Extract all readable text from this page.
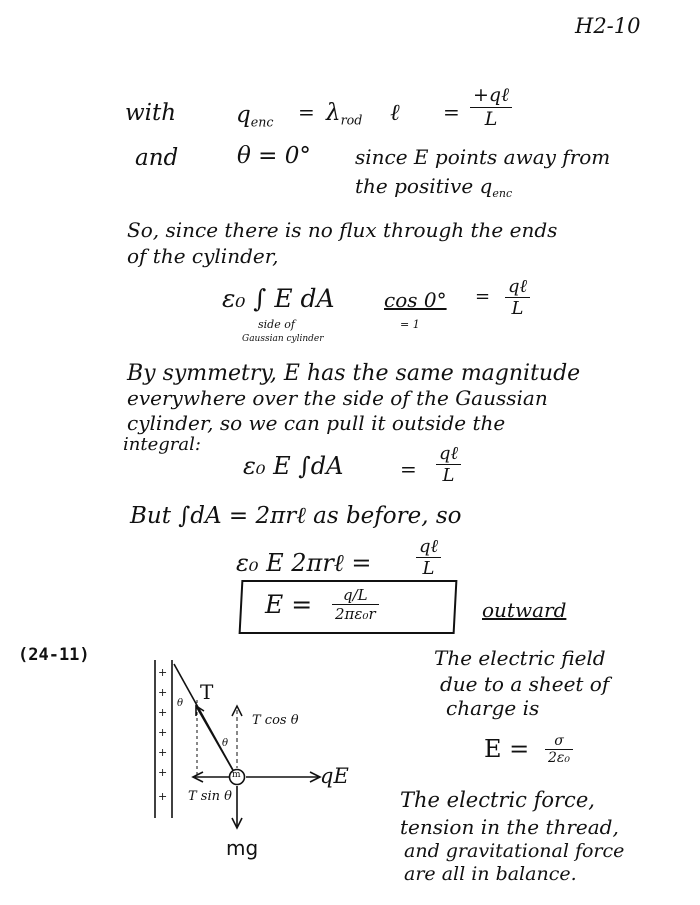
H2-10
with	$q_{enc} = \lambda_{rod}$ ℓ =
+qℓ
L
and	θ = 0° since E points away from
the positive $q_{enc}$
So, since there is no flux through the ends
of the cylinder,
ε₀ ∫ E dA cos 0°
= 1
= qℓ
L
side of
Gaussian cylinder
By symmetry, E has the same magnitude
everywhere over the side of the Gaussian
cylinder, so we can pull it outside the
integral:
ε₀ E ∫dA	=
qℓ
L
But ∫dA = 2πrℓ as before, so
ε₀ E 2πrℓ =
qℓ
L
$E = \frac{q/L}{\text{2πε₀r}}$	outward
(24-11)
+
+
+
+
+
+
+
T
θ
θ
T cos θ
m	qE
T sin θ
mg
The electric field
due to a sheet of
charge is
$E = \frac{\sigma}{\text{2ε₀}}$
The electric force,
tension in the thread,
and gravitational force
are all in balance.
